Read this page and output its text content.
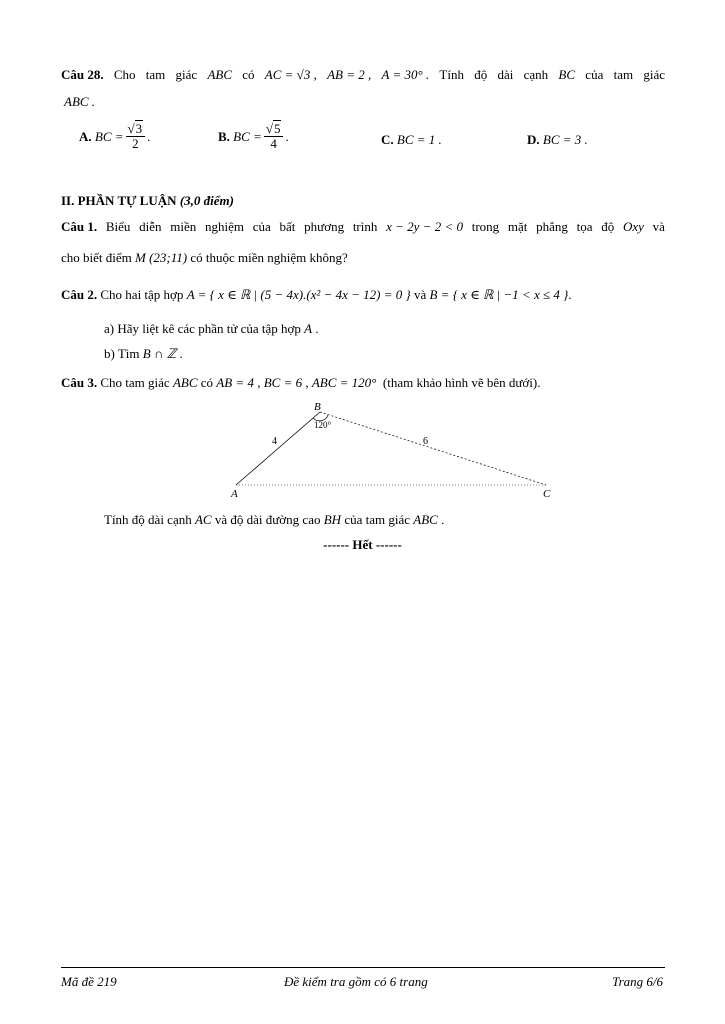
Câu 28. Cho tam giác ABC có AC = √3 , AB = 2 , A = 30° . Tính độ dài cạnh BC của tam giác
ABC .
A.
BC = $\frac{√3}{2}$ .	B.
BC = $\frac{√5}{4}$ .	C.
BC = 1 .	D.
BC = 3 .
II. PHẦN TỰ LUẬN (3,0 điểm)
Câu 1. Biểu diễn miền nghiệm của bất phương trình x − 2y − 2 < 0 trong mặt phẳng tọa độ Oxy và
cho biết điểm M (23;11) có thuộc miền nghiệm không?
Câu 2. Cho hai tập hợp A = { x ∈ ℝ | (5 − 4x).(x² − 4x − 12) = 0 } và B = { x ∈ ℝ | −1 < x ≤ 4 }.
a) Hãy liệt kê các phần tử của tập hợp A .
b) Tìm B ∩ ℤ .
Câu 3. Cho tam giác ABC có AB = 4 , BC = 6 , ABC = 120° (tham khảo hình vẽ bên dưới).
B
A	C
4	6
120°
Tính độ dài cạnh AC và độ dài đường cao BH của tam giác ABC .
------ Hết ------
Mã đề 219	Đề kiểm tra gồm có 6 trang	Trang 6/6
